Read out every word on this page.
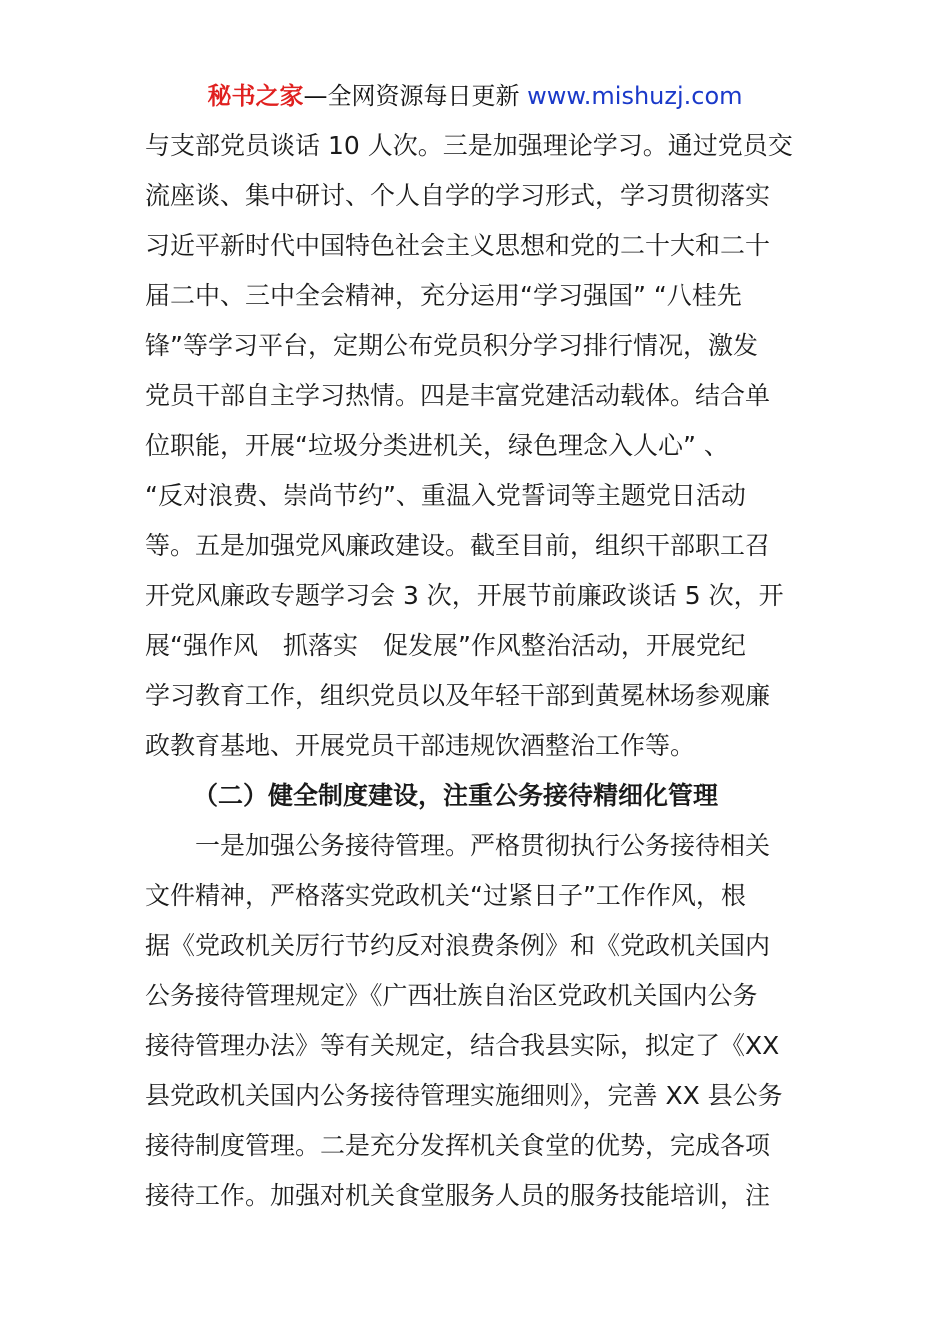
秘书之家—全网资源每日更新 www.mishuzj.com
与支部党员谈话 10 人次。三是加强理论学习。通过党员交
流座谈、集中研讨、个人自学的学习形式，学习贯彻落实
习近平新时代中国特色社会主义思想和党的二十大和二十
届二中、三中全会精神，充分运用“学习强国” “八桂先
锋”等学习平台，定期公布党员积分学习排行情况，激发
党员干部自主学习热情。四是丰富党建活动载体。结合单
位职能，开展“垃圾分类进机关，绿色理念入人心” 、
“反对浪费、崇尚节约”、重温入党誓词等主题党日活动
等。五是加强党风廉政建设。截至目前，组织干部职工召
开党风廉政专题学习会 3 次，开展节前廉政谈话 5 次，开
展“强作风　抓落实　促发展”作风整治活动，开展党纪
学习教育工作，组织党员以及年轻干部到黄冕林场参观廉
政教育基地、开展党员干部违规饮酒整治工作等。
（二）健全制度建设，注重公务接待精细化管理
一是加强公务接待管理。严格贯彻执行公务接待相关
文件精神，严格落实党政机关“过紧日子”工作作风，根
据《党政机关厉行节约反对浪费条例》和《党政机关国内
公务接待管理规定》《广西壮族自治区党政机关国内公务
接待管理办法》等有关规定，结合我县实际，拟定了《XX
县党政机关国内公务接待管理实施细则》，完善 XX 县公务
接待制度管理。二是充分发挥机关食堂的优势，完成各项
接待工作。加强对机关食堂服务人员的服务技能培训，注
